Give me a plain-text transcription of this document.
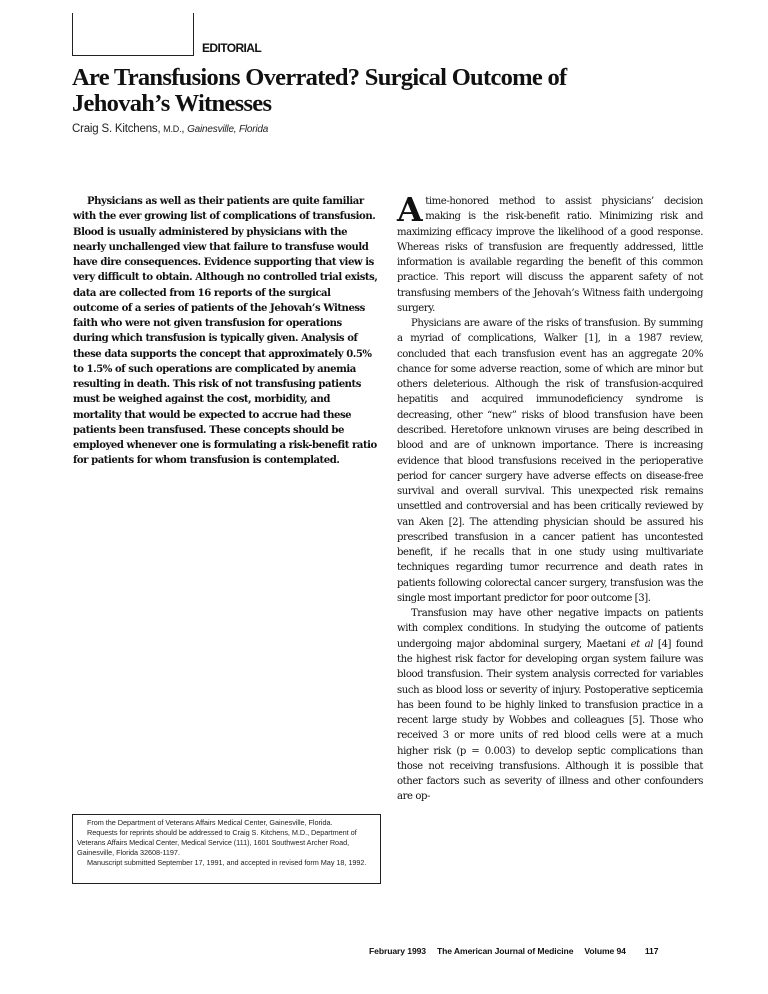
EDITORIAL
Are Transfusions Overrated? Surgical Outcome of
Jehovah’s Witnesses
Craig S. Kitchens, M.D., Gainesville, Florida

Physicians as well as their patients are quite familiar with the ever growing list of complications of transfusion. Blood is usually administered by physicians with the nearly unchallenged view that failure to transfuse would have dire consequences. Evidence supporting that view is very difficult to obtain. Although no controlled trial exists, data are collected from 16 reports of the surgical outcome of a series of patients of the Jehovah’s Witness faith who were not given transfusion for operations during which transfusion is typically given. Analysis of these data supports the concept that approximately 0.5% to 1.5% of such operations are complicated by anemia resulting in death. This risk of not transfusing patients must be weighed against the cost, morbidity, and mortality that would be expected to accrue had these patients been transfused. These concepts should be employed whenever one is formulating a risk-benefit ratio for patients for whom transfusion is contemplated.

From the Department of Veterans Affairs Medical Center, Gainesville, Florida.

Requests for reprints should be addressed to Craig S. Kitchens, M.D., Department of Veterans Affairs Medical Center, Medical Service (111), 1601 Southwest Archer Road, Gainesville, Florida 32608-1197.

Manuscript submitted September 17, 1991, and accepted in revised form May 18, 1992.

Atime-honored method to assist physicians’ decision making is the risk-benefit ratio. Minimizing risk and maximizing efficacy improve the likelihood of a good response. Whereas risks of transfusion are frequently addressed, little information is available regarding the benefit of this common practice. This report will discuss the apparent safety of not transfusing members of the Jehovah’s Witness faith undergoing surgery.

Physicians are aware of the risks of transfusion. By summing a myriad of complications, Walker [1], in a 1987 review, concluded that each transfusion event has an aggregate 20% chance for some adverse reaction, some of which are minor but others deleterious. Although the risk of transfusion-acquired hepatitis and acquired immunodeficiency syndrome is decreasing, other “new” risks of blood transfusion have been described. Heretofore unknown viruses are being described in blood and are of unknown importance. There is increasing evidence that blood transfusions received in the perioperative period for cancer surgery have adverse effects on disease-free survival and overall survival. This unexpected risk remains unsettled and controversial and has been critically reviewed by van Aken [2]. The attending physician should be assured his prescribed transfusion in a cancer patient has uncontested benefit, if he recalls that in one study using multivariate techniques regarding tumor recurrence and death rates in patients following colorectal cancer surgery, transfusion was the single most important predictor for poor outcome [3].

Transfusion may have other negative impacts on patients with complex conditions. In studying the outcome of patients undergoing major abdominal surgery, Maetani et al [4] found the highest risk factor for developing organ system failure was blood transfusion. Their system analysis corrected for variables such as blood loss or severity of injury. Postoperative septicemia has been found to be highly linked to transfusion practice in a recent large study by Wobbes and colleagues [5]. Those who received 3 or more units of red blood cells were at a much higher risk (p = 0.003) to develop septic complications than those not receiving transfusions. Although it is possible that other factors such as severity of illness and other confounders are op-

February 1993 The American Journal of Medicine Volume 94 117
